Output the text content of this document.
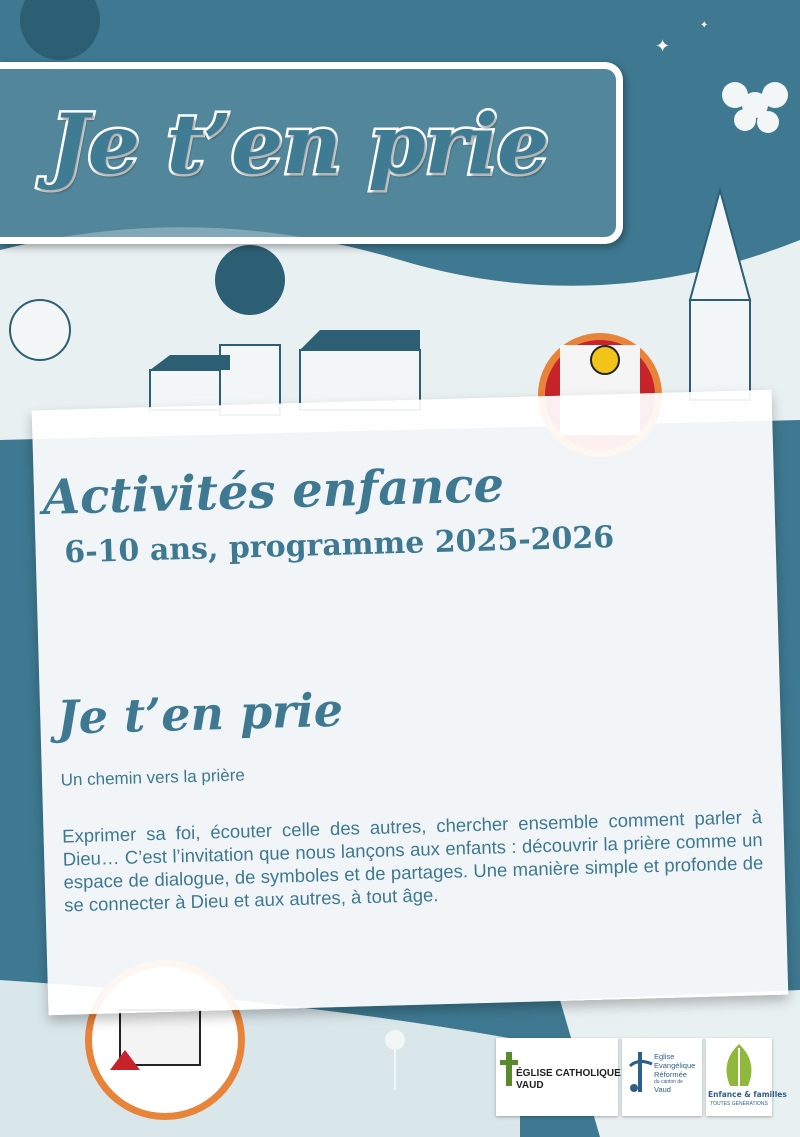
✦
✦
Je t’en prie
Activités enfance
6-10 ans, programme 2025-2026
Je t’en prie

Un chemin vers la prière

Exprimer sa foi, écouter celle des autres, chercher ensemble comment parler à Dieu… C’est l’invitation que nous lançons aux enfants : découvrir la prière comme un espace de dialogue, de symboles et de partages. Une manière simple et profonde de se connecter à Dieu et aux autres, à tout âge.

ÉGLISE CATHOLIQUE
VAUD
Eglise
Evangélique
Réformée
du canton de
Vaud
Enfance & familles
TOUTES GÉNÉRATIONS
